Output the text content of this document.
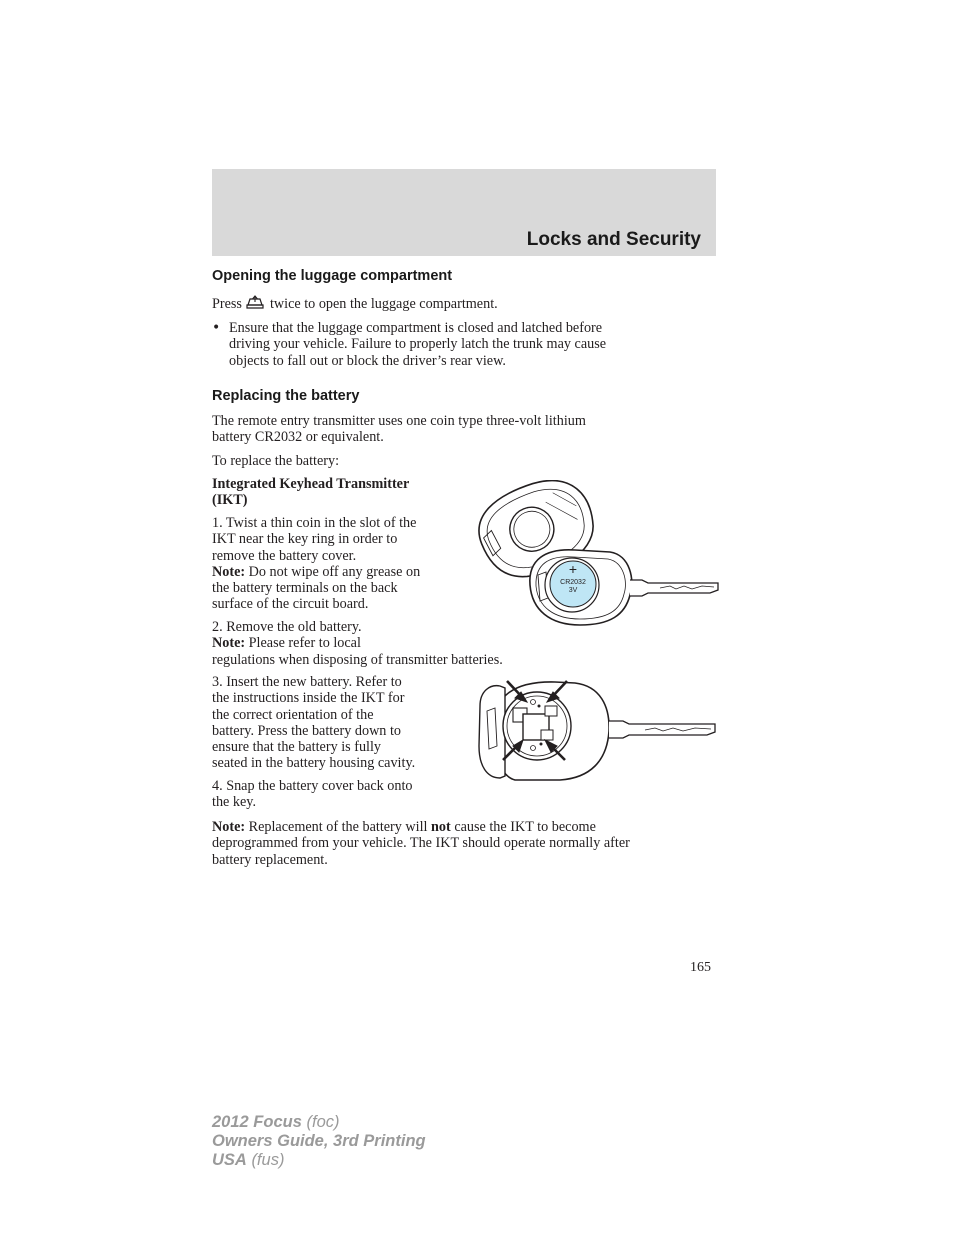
Locks and Security
Opening the luggage compartment
Press twice to open the luggage compartment.
• Ensure that the luggage compartment is closed and latched before
driving your vehicle. Failure to properly latch the trunk may cause
objects to fall out or block the driver’s rear view.
Replacing the battery
The remote entry transmitter uses one coin type three-volt lithium
battery CR2032 or equivalent.
To replace the battery:
Integrated Keyhead Transmitter
(IKT)
1. Twist a thin coin in the slot of the
IKT near the key ring in order to
remove the battery cover.
Note: Do not wipe off any grease on
the battery terminals on the back
surface of the circuit board.
2. Remove the old battery.
Note: Please refer to local
regulations when disposing of transmitter batteries.
3. Insert the new battery. Refer to
the instructions inside the IKT for
the correct orientation of the
battery. Press the battery down to
ensure that the battery is fully
seated in the battery housing cavity.
4. Snap the battery cover back onto
the key.
Note: Replacement of the battery will not cause the IKT to become
deprogrammed from your vehicle. The IKT should operate normally after
battery replacement.
+
CR2032
3V
165
2012 Focus (foc)
Owners Guide, 3rd Printing
USA (fus)
